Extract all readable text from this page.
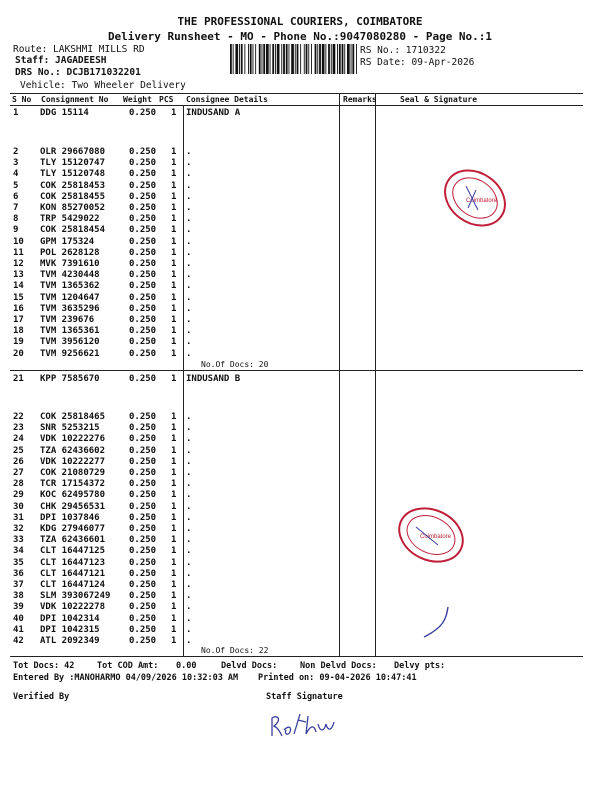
THE PROFESSIONAL COURIERS, COIMBATORE
Delivery Runsheet - MO - Phone No.:9047080280 - Page No.:1
Route: LAKSHMI MILLS RD
Staff: JAGADEESH
DRS No.: DCJB171032201
Vehicle: Two Wheeler Delivery
RS No.: 1710322
RS Date: 09-Apr-2026
S No Consignment No Weight PCS Consignee Details	Remarks	Seal & Signature
1 DDG 15114	0.250 1 INDUSAND A
2 OLR 29667080	0.250 1 .
3 TLY 15120747	0.250 1 .
4 TLY 15120748	0.250 1 .
5 COK 25818453	0.250 1 .
6 COK 25818455	0.250 1 .
7 KON 85270052	0.250 1 .
8 TRP 5429022	0.250 1 .
9 COK 25818454	0.250 1 .
10 GPM 175324	0.250 1 .
11 POL 2628128	0.250 1 .
12 MVK 7391610	0.250 1 .
13 TVM 4230448	0.250 1 .
14 TVM 1365362	0.250 1 .
15 TVM 1204647	0.250 1 .
16 TVM 3635296	0.250 1 .
17 TVM 239676	0.250 1 .
18 TVM 1365361	0.250 1 .
19 TVM 3956120	0.250 1 .
20 TVM 9256621	0.250 1 .
No.Of Docs: 20
21 KPP 7585670	0.250 1 INDUSAND B
22 COK 25818465	0.250 1 .
23 SNR 5253215	0.250 1 .
24 VDK 10222276	0.250 1 .
25 TZA 62436602	0.250 1 .
26 VDK 10222277	0.250 1 .
27 COK 21080729	0.250 1 .
28 TCR 17154372	0.250 1 .
29 KOC 62495780	0.250 1 .
30 CHK 29456531	0.250 1 .
31 DPI 1037846	0.250 1 .
32 KDG 27946077	0.250 1 .
33 TZA 62436601	0.250 1 .
34 CLT 16447125	0.250 1 .
35 CLT 16447123	0.250 1 .
36 CLT 16447121	0.250 1 .
37 CLT 16447124	0.250 1 .
38 SLM 393067249 0.250 1 .
39 VDK 10222278	0.250 1 .
40 DPI 1042314	0.250 1 .
41 DPI 1042315	0.250 1 .
42 ATL 2092349	0.250 1 .
No.Of Docs: 22
Coimbatore
Coimbatore
Tot Docs: 42	Tot COD Amt: 0.00	Delvd Docs:	Non Delvd Docs: Delvy pts:
Entered By :MANOHARMO 04/09/2026 10:32:03 AM Printed on: 09-04-2026 10:47:41
Verified By	Staff Signature
